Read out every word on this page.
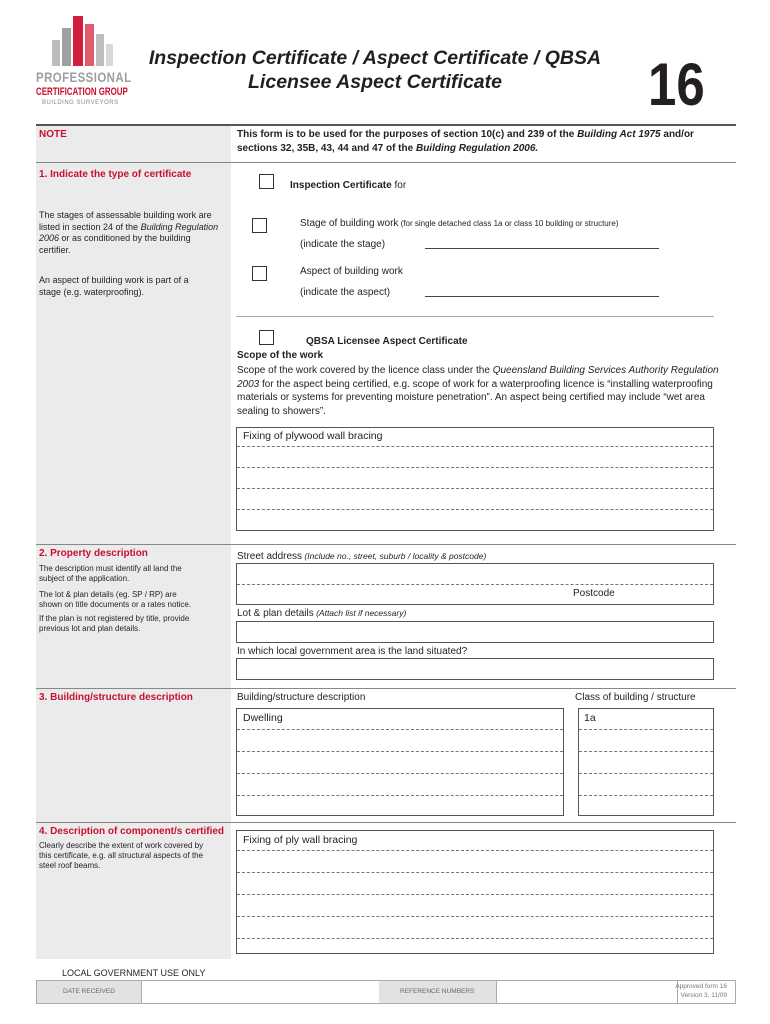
PROFESSIONAL
CERTIFICATION GROUP
BUILDING SURVEYORS
Inspection Certificate / Aspect Certificate / QBSA
Licensee Aspect Certificate	16
NOTE	This form is to be used for the purposes of section 10(c) and 239 of the Building Act 1975 and/or
sections 32, 35B, 43, 44 and 47 of the Building Regulation 2006.
1. Indicate the type of certificate
The stages of assessable building work are listed in section 24 of the Building Regulation 2006 or as conditioned by the building certifier.
An aspect of building work is part of a stage (e.g. waterproofing).
Inspection Certificate for
Stage of building work (for single detached class 1a or class 10 building or structure)
(indicate the stage)
Aspect of building work
(indicate the aspect)
QBSA Licensee Aspect Certificate
Scope of the work
Scope of the work covered by the licence class under the Queensland Building Services Authority Regulation 2003 for the aspect being certified, e.g. scope of work for a waterproofing licence is “installing waterproofing materials or systems for preventing moisture penetration”. An aspect being certified may include “wet area sealing to showers”.
Fixing of plywood wall bracing
2. Property description
The description must identify all land the subject of the application.
The lot & plan details (eg. SP / RP) are shown on title documents or a rates notice.
If the plan is not registered by title, provide previous lot and plan details.
Street address (Include no., street, suburb / locality & postcode)
Postcode
Lot & plan details (Attach list if necessary)
In which local government area is the land situated?
3. Building/structure description	Building/structure description	Class of building / structure
Dwelling	1a
4. Description of component/s certified
Clearly describe the extent of work covered by this certificate, e.g. all structural aspects of the steel roof beams.
Fixing of ply wall bracing
LOCAL GOVERNMENT USE ONLY
DATE RECEIVED	REFERENCE NUMBERS
Approved form 16
Version 3, 11/09
